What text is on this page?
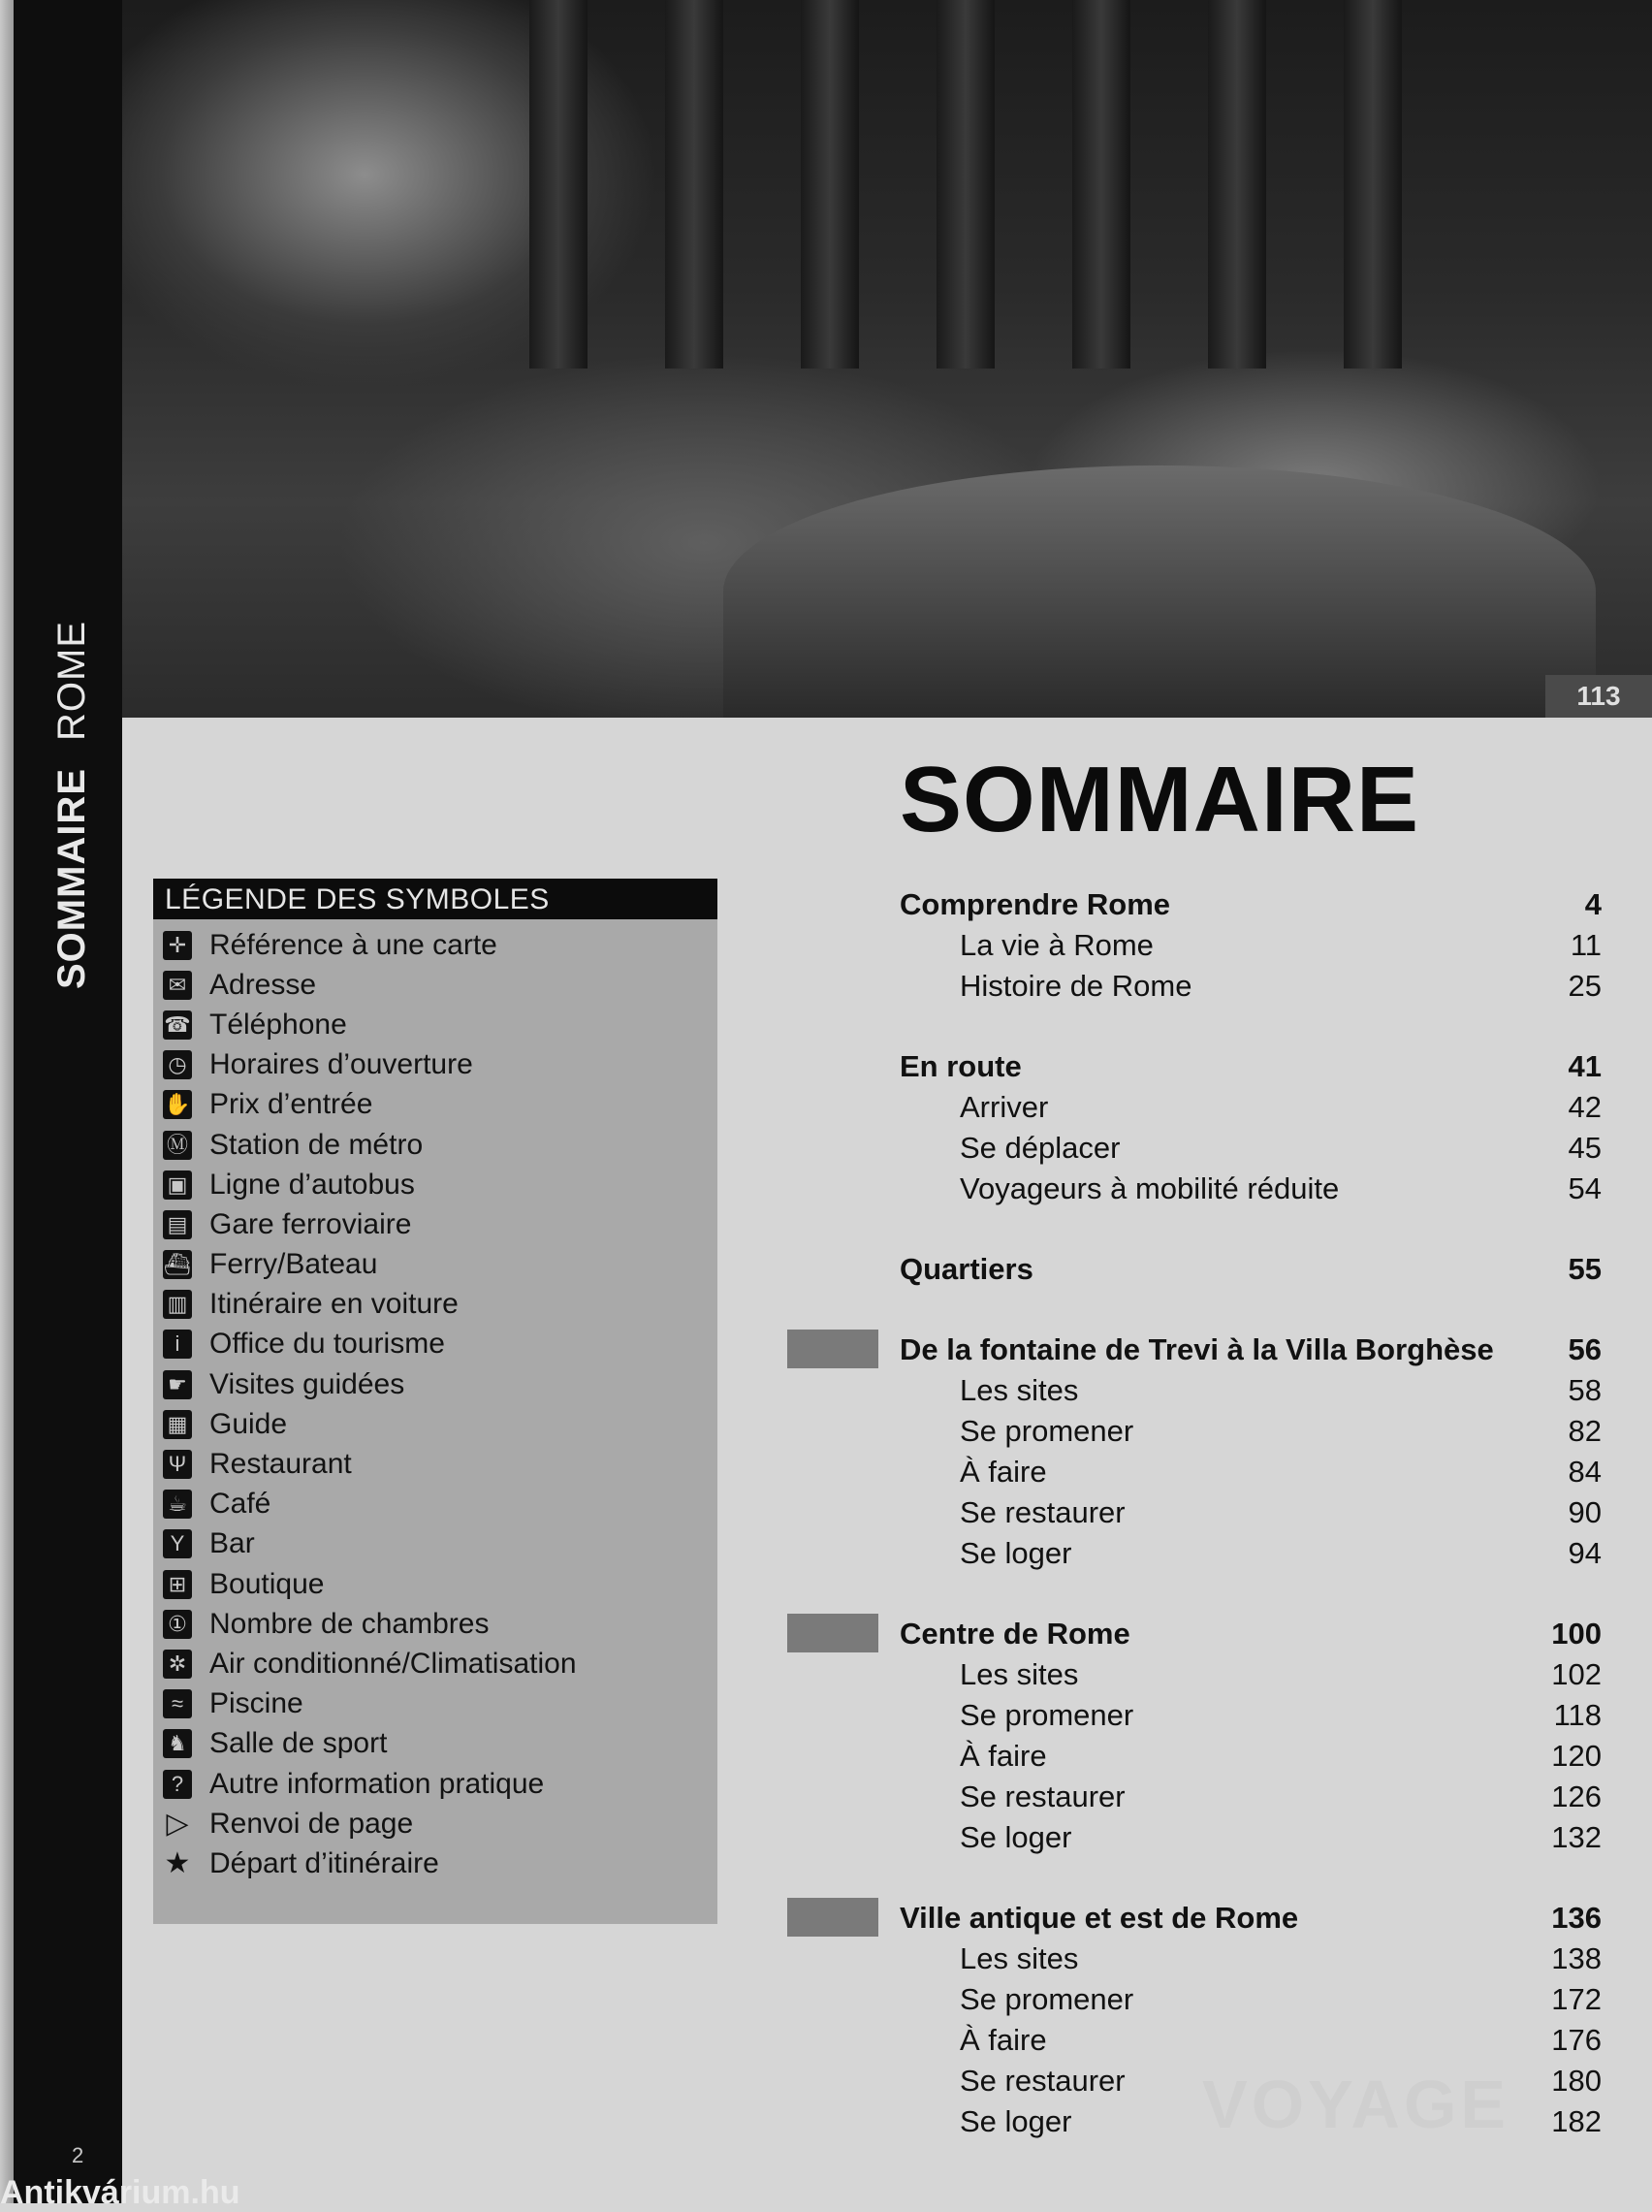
SOMMAIREROME
2
113
SOMMAIRE
LÉGENDE DES SYMBOLES
✛ Référence à une carte
✉ Adresse
☎ Téléphone
◷ Horaires d’ouverture
✋ Prix d’entrée
Ⓜ Station de métro
▣ Ligne d’autobus
▤ Gare ferroviaire
⛴ Ferry/Bateau
▥ Itinéraire en voiture
i	Office du tourisme
☛ Visites guidées
▦ Guide
Ψ Restaurant
☕ Café
Y Bar
⊞ Boutique
① Nombre de chambres
✲ Air conditionné/Climatisation
≈ Piscine
♞ Salle de sport
? Autre information pratique
▷ Renvoi de page
★ Départ d’itinéraire
Comprendre Rome	4
La vie à Rome	11
Histoire de Rome	25
En route	41
Arriver	42
Se déplacer	45
Voyageurs à mobilité réduite	54
Quartiers	55
De la fontaine de Trevi à la Villa Borghèse 56
Les sites	58
Se promener	82
À faire	84
Se restaurer	90
Se loger	94
Centre de Rome	100
Les sites	102
Se promener	118
À faire	120
Se restaurer	126
Se loger	132
Ville antique et est de Rome	136
Les sites	138
Se promener	172
À faire	176
Se restaurer	180
Se loger	182
VOYAGE
Antikvárium.hu
